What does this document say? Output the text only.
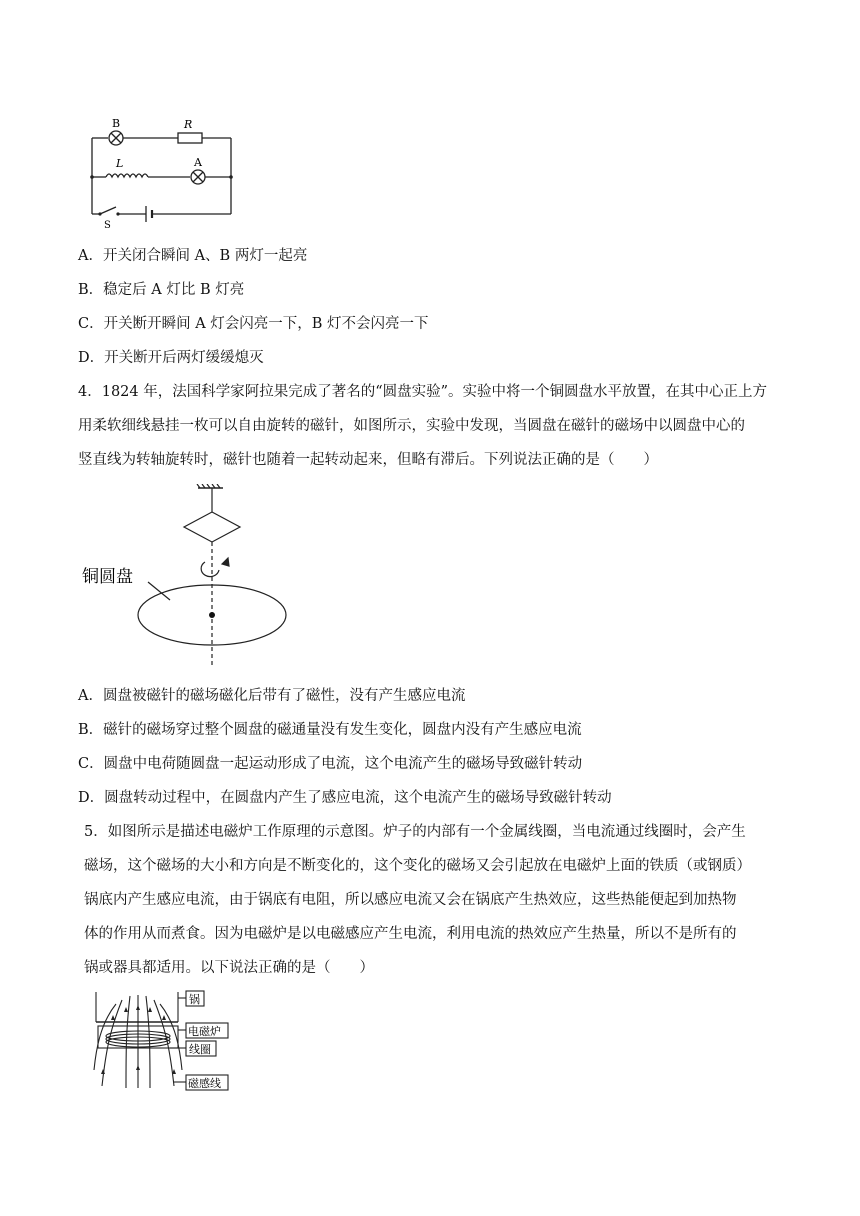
B	R
L	A
S
A．开关闭合瞬间 A、B 两灯一起亮
B．稳定后 A 灯比 B 灯亮
C．开关断开瞬间 A 灯会闪亮一下，B 灯不会闪亮一下
D．开关断开后两灯缓缓熄灭
4．1824 年，法国科学家阿拉果完成了著名的“圆盘实验”。实验中将一个铜圆盘水平放置，在其中心正上方
用柔软细线悬挂一枚可以自由旋转的磁针，如图所示，实验中发现，当圆盘在磁针的磁场中以圆盘中心的
竖直线为转轴旋转时，磁针也随着一起转动起来，但略有滞后。下列说法正确的是（　　）
铜圆盘
A．圆盘被磁针的磁场磁化后带有了磁性，没有产生感应电流
B．磁针的磁场穿过整个圆盘的磁通量没有发生变化，圆盘内没有产生感应电流
C．圆盘中电荷随圆盘一起运动形成了电流，这个电流产生的磁场导致磁针转动
D．圆盘转动过程中，在圆盘内产生了感应电流，这个电流产生的磁场导致磁针转动
5．如图所示是描述电磁炉工作原理的示意图。炉子的内部有一个金属线圈，当电流通过线圈时，会产生
磁场，这个磁场的大小和方向是不断变化的，这个变化的磁场又会引起放在电磁炉上面的铁质（或钢质）
锅底内产生感应电流，由于锅底有电阻，所以感应电流又会在锅底产生热效应，这些热能便起到加热物
体的作用从而煮食。因为电磁炉是以电磁感应产生电流，利用电流的热效应产生热量，所以不是所有的
锅或器具都适用。以下说法正确的是（　　）
锅
电磁炉
线圈
磁感线
